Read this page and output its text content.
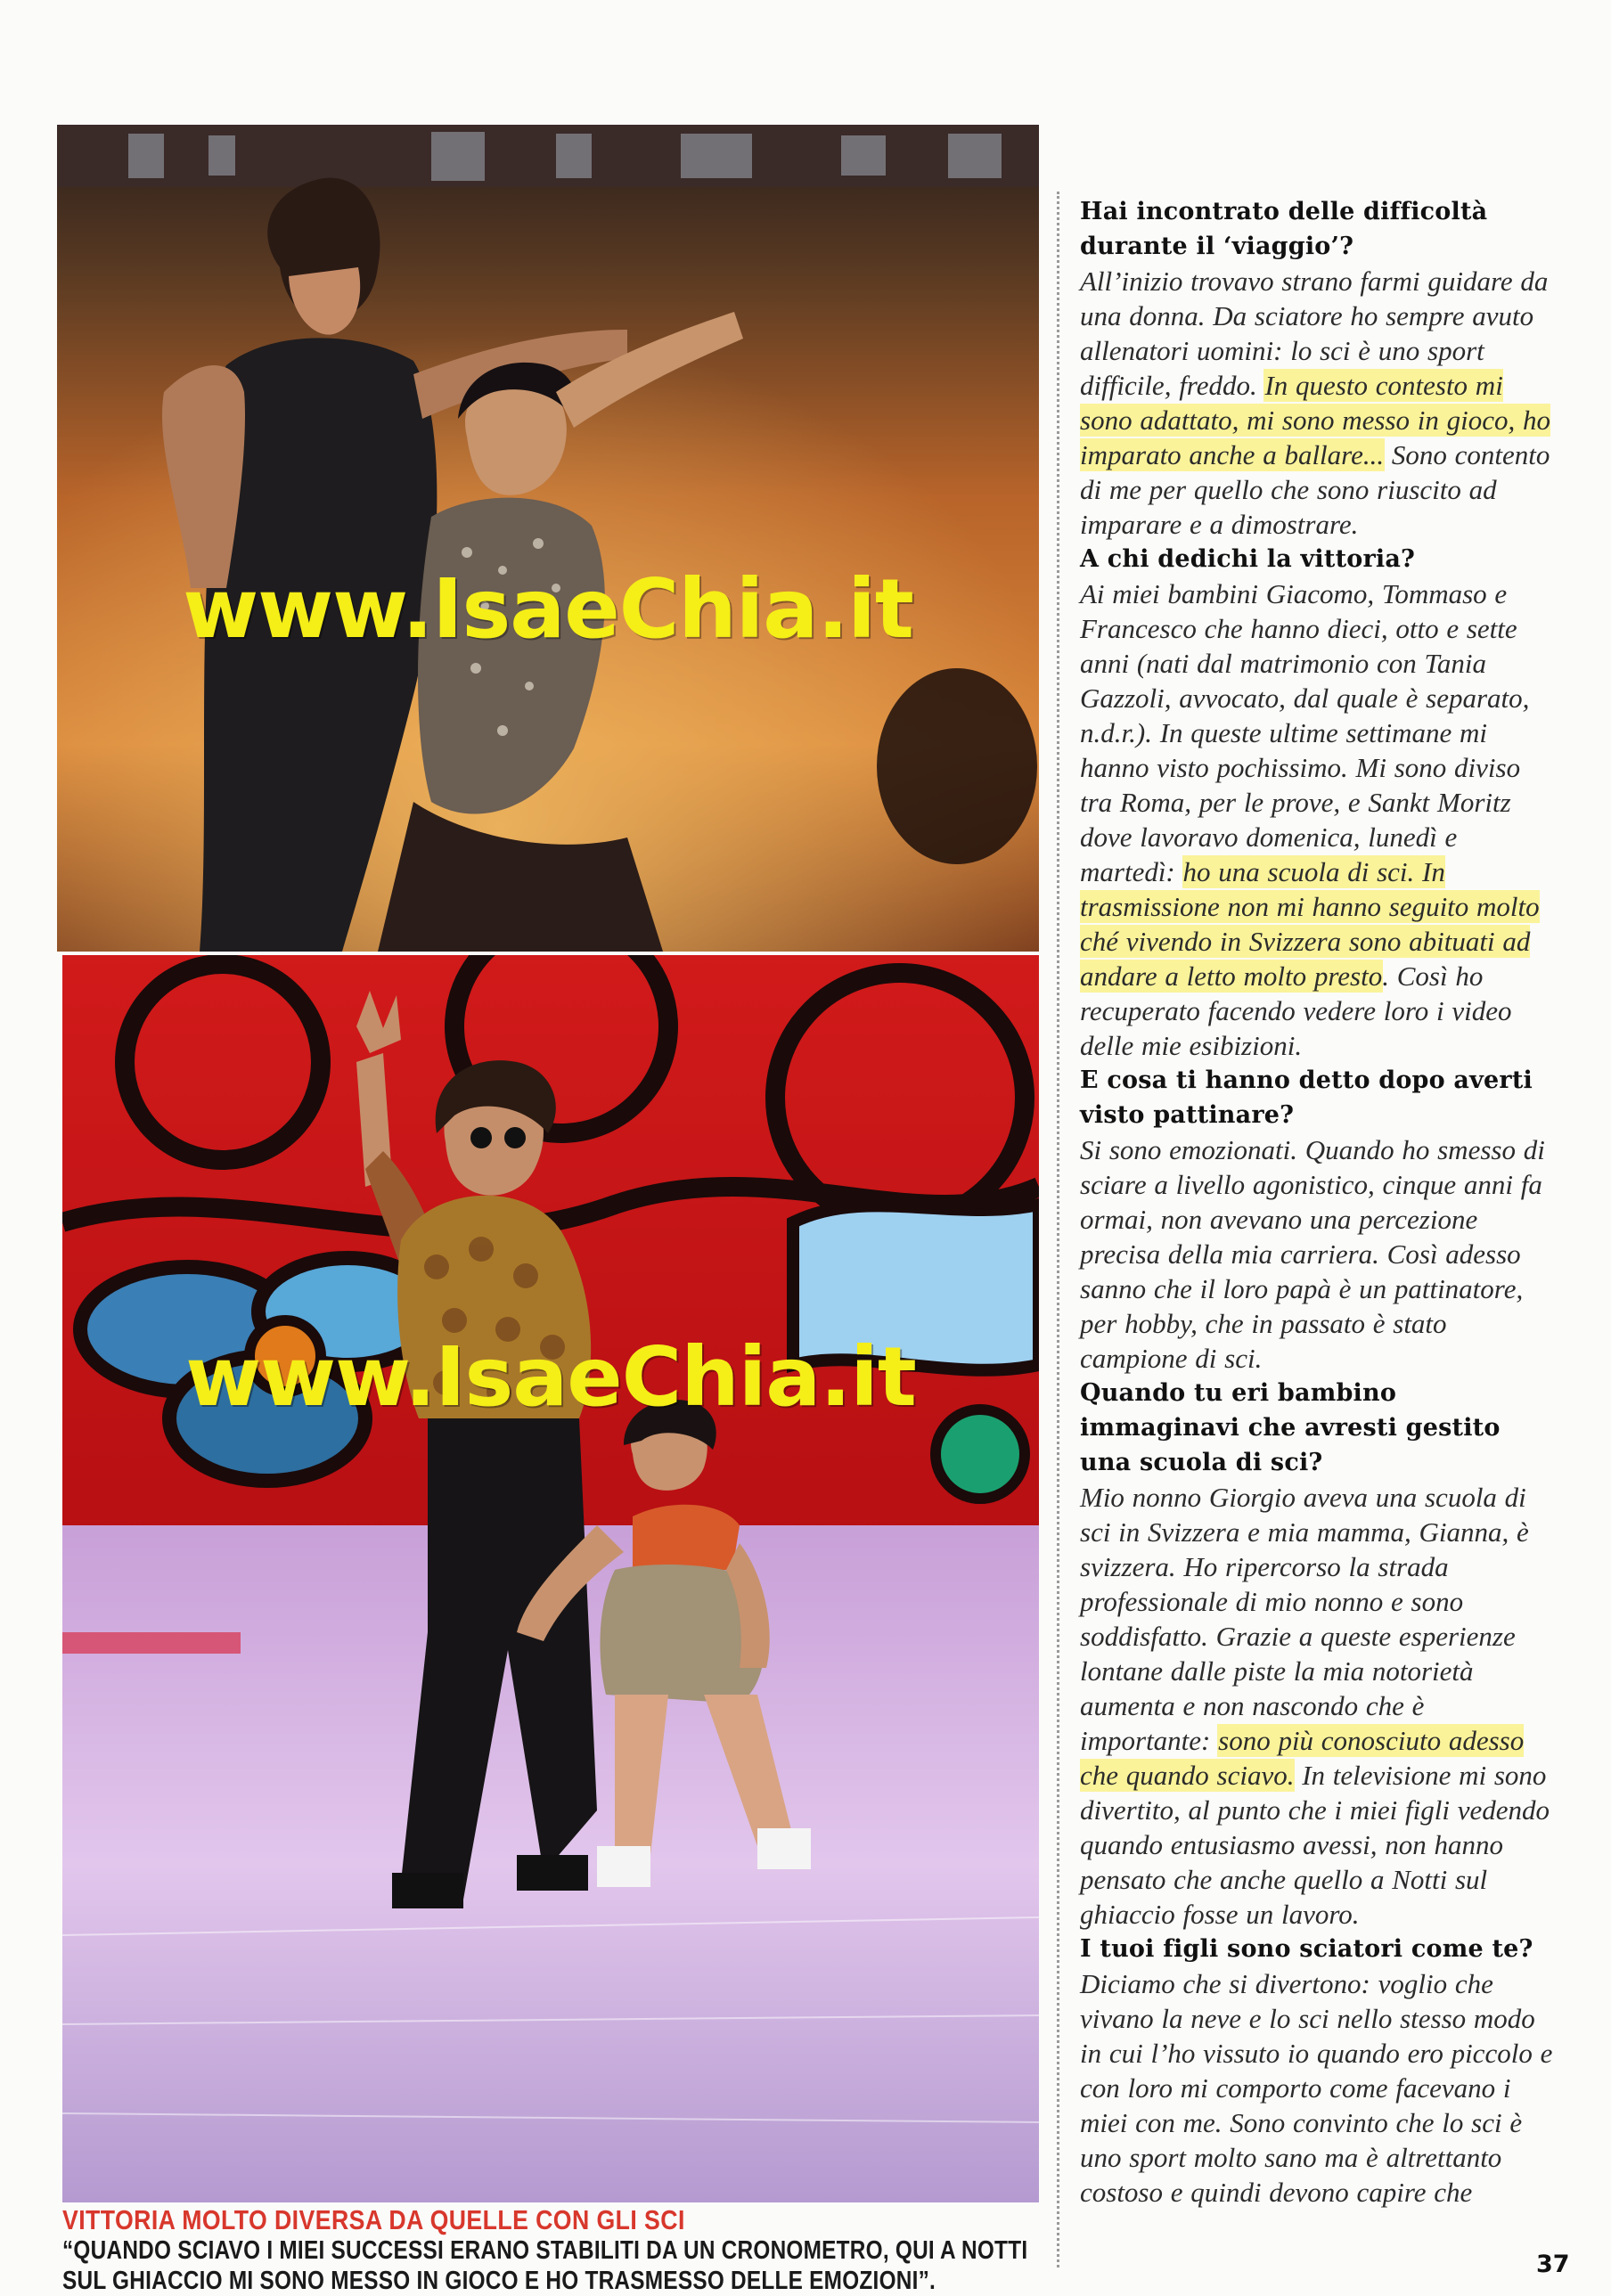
www.IsaeChia.it
www.IsaeChia.it
VITTORIA MOLTO DIVERSA DA QUELLE CON GLI SCI
“QUANDO SCIAVO I MIEI SUCCESSI ERANO STABILITI DA UN CRONOMETRO, QUI A NOTTI
SUL GHIACCIO MI SONO MESSO IN GIOCO E HO TRASMESSO DELLE EMOZIONI”.

Hai incontrato delle difficoltà durante il ‘viaggio’?

All’inizio trovavo strano farmi guidare da una donna. Da sciatore ho sempre avuto allenatori uomini: lo sci è uno sport difficile, freddo. In questo contesto mi sono adattato, mi sono messo in gioco, ho imparato anche a ballare... Sono contento di me per quello che sono riuscito ad imparare e a dimostrare.

A chi dedichi la vittoria?

Ai miei bambini Giacomo, Tommaso e Francesco che hanno dieci, otto e sette anni (nati dal matrimonio con Tania Gazzoli, avvocato, dal quale è separato, n.d.r.). In queste ultime settimane mi hanno visto pochissimo. Mi sono diviso tra Roma, per le prove, e Sankt Moritz dove lavoravo domenica, lunedì e martedì: ho una scuola di sci. In trasmissione non mi hanno seguito molto ché vivendo in Svizzera sono abituati ad andare a letto molto presto. Così ho recuperato facendo vedere loro i video delle mie esibizioni.

E cosa ti hanno detto dopo averti visto pattinare?

Si sono emozionati. Quando ho smesso di sciare a livello agonistico, cinque anni fa ormai, non avevano una percezione precisa della mia carriera. Così adesso sanno che il loro papà è un pattinatore, per hobby, che in passato è stato campione di sci.

Quando tu eri bambino immaginavi che avresti gestito una scuola di sci?

Mio nonno Giorgio aveva una scuola di sci in Svizzera e mia mamma, Gianna, è svizzera. Ho ripercorso la strada professionale di mio nonno e sono soddisfatto. Grazie a queste esperienze lontane dalle piste la mia notorietà aumenta e non nascondo che è importante: sono più conosciuto adesso che quando sciavo. In televisione mi sono divertito, al punto che i miei figli vedendo quando entusiasmo avessi, non hanno pensato che anche quello a Notti sul ghiaccio fosse un lavoro.

I tuoi figli sono sciatori come te?

Diciamo che si divertono: voglio che vivano la neve e lo sci nello stesso modo in cui l’ho vissuto io quando ero piccolo e con loro mi comporto come facevano i miei con me. Sono convinto che lo sci è uno sport molto sano ma è altrettanto costoso e quindi devono capire che

37
